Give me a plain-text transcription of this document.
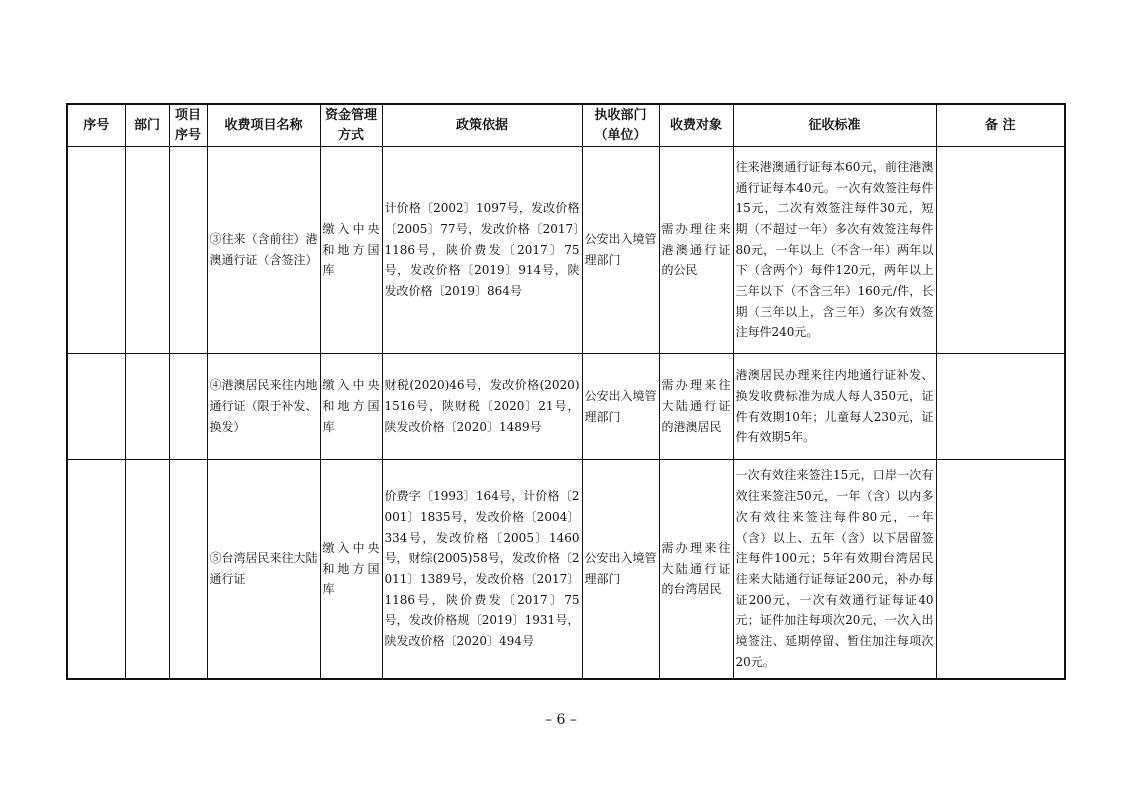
序号	部门	项目序号	收费项目名称	资金管理方式	政策依据	执收部门（单位）	收费对象	征收标准	备 注
			③往来（含前往）港澳通行证（含签注）	缴入中央和地方国库	计价格〔2002〕1097号，发改价格〔2005〕77号，发改价格〔2017〕1186号，陕价费发〔2017〕75号，发改价格〔2019〕914号，陕发改价格〔2019〕864号	公安出入境管理部门	需办理往来港澳通行证的公民	往来港澳通行证每本60元，前往港澳通行证每本40元。一次有效签注每件15元，二次有效签注每件30元，短期（不超过一年）多次有效签注每件80元，一年以上（不含一年）两年以下（含两个）每件120元，两年以上三年以下（不含三年）160元/件，长期（三年以上，含三年）多次有效签注每件240元。	
			④港澳居民来往内地通行证（限于补发、换发）	缴入中央和地方国库	财税(2020)46号，发改价格(2020)1516号，陕财税〔2020〕21号，陕发改价格〔2020〕1489号	公安出入境管理部门	需办理来往大陆通行证的港澳居民	港澳居民办理来往内地通行证补发、换发收费标准为成人每人350元，证件有效期10年；儿童每人230元，证件有效期5年。	
			⑤台湾居民来往大陆通行证	缴入中央和地方国库	价费字〔1993〕164号，计价格〔2001〕1835号，发改价格〔2004〕334号，发改价格〔2005〕1460号，财综(2005)58号，发改价格〔2011〕1389号，发改价格〔2017〕1186号，陕价费发〔2017〕75号，发改价格规〔2019〕1931号，陕发改价格〔2020〕494号	公安出入境管理部门	需办理来往大陆通行证的台湾居民	一次有效往来签注15元，口岸一次有效往来签注50元，一年（含）以内多次有效往来签注每件80元，一年（含）以上、五年（含）以下居留签注每件100元；5年有效期台湾居民往来大陆通行证每证200元，补办每证200元，一次有效通行证每证40元；证件加注每项次20元，一次入出境签注、延期停留、暂住加注每项次20元。	
– 6 –
